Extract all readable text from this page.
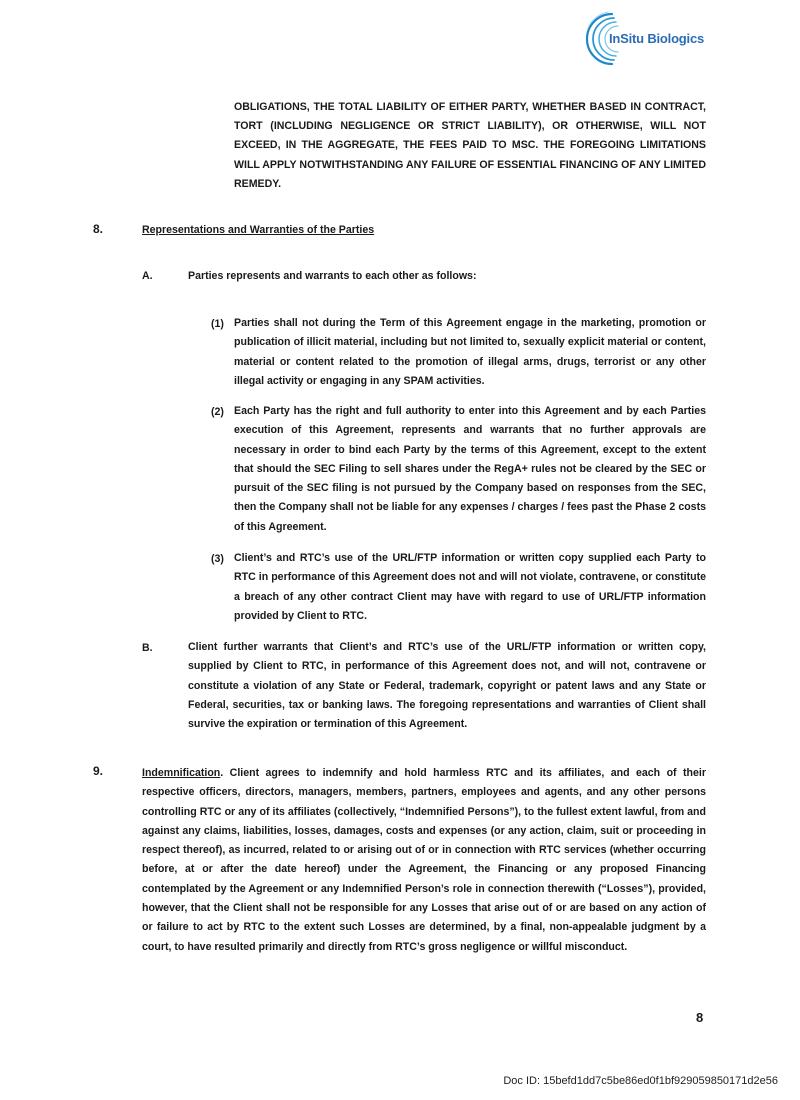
InSitu Biologics

OBLIGATIONS, THE TOTAL LIABILITY OF EITHER PARTY, WHETHER BASED IN CONTRACT, TORT (INCLUDING NEGLIGENCE OR STRICT LIABILITY), OR OTHERWISE, WILL NOT EXCEED, IN THE AGGREGATE, THE FEES PAID TO MSC. THE FOREGOING LIMITATIONS WILL APPLY NOTWITHSTANDING ANY FAILURE OF ESSENTIAL FINANCING OF ANY LIMITED REMEDY.

8.	Representations and Warranties of the Parties
A.	Parties represents and warrants to each other as follows:
(1) Parties shall not during the Term of this Agreement engage in the marketing, promotion or publication of illicit material, including but not limited to, sexually explicit material or content, material or content related to the promotion of illegal arms, drugs, terrorist or any other illegal activity or engaging in any SPAM activities.

(2) Each Party has the right and full authority to enter into this Agreement and by each Parties execution of this Agreement, represents and warrants that no further approvals are necessary in order to bind each Party by the terms of this Agreement, except to the extent that should the SEC Filing to sell shares under the RegA+ rules not be cleared by the SEC or pursuit of the SEC filing is not pursued by the Company based on responses from the SEC, then the Company shall not be liable for any expenses / charges / fees past the Phase 2 costs of this Agreement.

(3) Client’s and RTC’s use of the URL/FTP information or written copy supplied each Party to RTC in performance of this Agreement does not and will not violate, contravene, or constitute a breach of any other contract Client may have with regard to use of URL/FTP information provided by Client to RTC.

B.	Client further warrants that Client’s and RTC’s use of the URL/FTP information or written copy, supplied by Client to RTC, in performance of this Agreement does not, and will not, contravene or constitute a violation of any State or Federal, trademark, copyright or patent laws and any State or Federal, securities, tax or banking laws. The foregoing representations and warranties of Client shall survive the expiration or termination of this Agreement.

9.	Indemnification. Client agrees to indemnify and hold harmless RTC and its affiliates, and each of their respective officers, directors, managers, members, partners, employees and agents, and any other persons controlling RTC or any of its affiliates (collectively, “Indemnified Persons”), to the fullest extent lawful, from and against any claims, liabilities, losses, damages, costs and expenses (or any action, claim, suit or proceeding in respect thereof), as incurred, related to or arising out of or in connection with RTC services (whether occurring before, at or after the date hereof) under the Agreement, the Financing or any proposed Financing contemplated by the Agreement or any Indemnified Person’s role in connection therewith (“Losses”), provided, however, that the Client shall not be responsible for any Losses that arise out of or are based on any action of or failure to act by RTC to the extent such Losses are determined, by a final, non-appealable judgment by a court, to have resulted primarily and directly from RTC’s gross negligence or willful misconduct.

8
Doc ID: 15befd1dd7c5be86ed0f1bf929059850171d2e56
